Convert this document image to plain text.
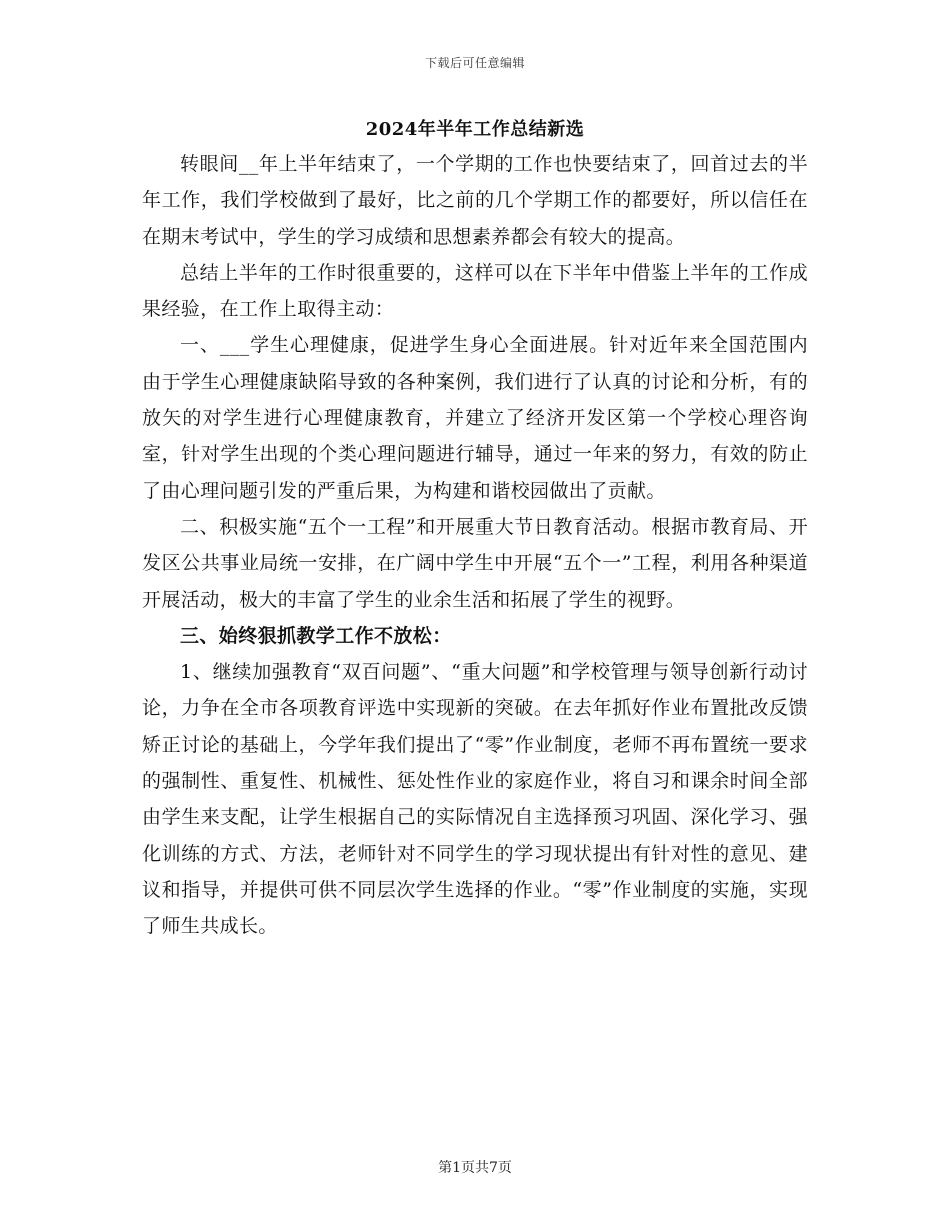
下载后可任意编辑
2024年半年工作总结新选

转眼间__年上半年结束了，一个学期的工作也快要结束了，回首过去的半年工作，我们学校做到了最好，比之前的几个学期工作的都要好，所以信任在在期末考试中，学生的学习成绩和思想素养都会有较大的提高。

总结上半年的工作时很重要的，这样可以在下半年中借鉴上半年的工作成果经验，在工作上取得主动：

一、___学生心理健康，促进学生身心全面进展。针对近年来全国范围内由于学生心理健康缺陷导致的各种案例，我们进行了认真的讨论和分析，有的放矢的对学生进行心理健康教育，并建立了经济开发区第一个学校心理咨询室，针对学生出现的个类心理问题进行辅导，通过一年来的努力，有效的防止了由心理问题引发的严重后果，为构建和谐校园做出了贡献。

二、积极实施“五个一工程”和开展重大节日教育活动。根据市教育局、开发区公共事业局统一安排，在广阔中学生中开展“五个一”工程，利用各种渠道开展活动，极大的丰富了学生的业余生活和拓展了学生的视野。

三、始终狠抓教学工作不放松：

1、继续加强教育“双百问题”、“重大问题”和学校管理与领导创新行动讨论，力争在全市各项教育评选中实现新的突破。在去年抓好作业布置批改反馈矫正讨论的基础上，今学年我们提出了“零”作业制度，老师不再布置统一要求的强制性、重复性、机械性、惩处性作业的家庭作业，将自习和课余时间全部由学生来支配，让学生根据自己的实际情况自主选择预习巩固、深化学习、强化训练的方式、方法，老师针对不同学生的学习现状提出有针对性的意见、建议和指导，并提供可供不同层次学生选择的作业。“零”作业制度的实施，实现了师生共成长。

第1页共7页
